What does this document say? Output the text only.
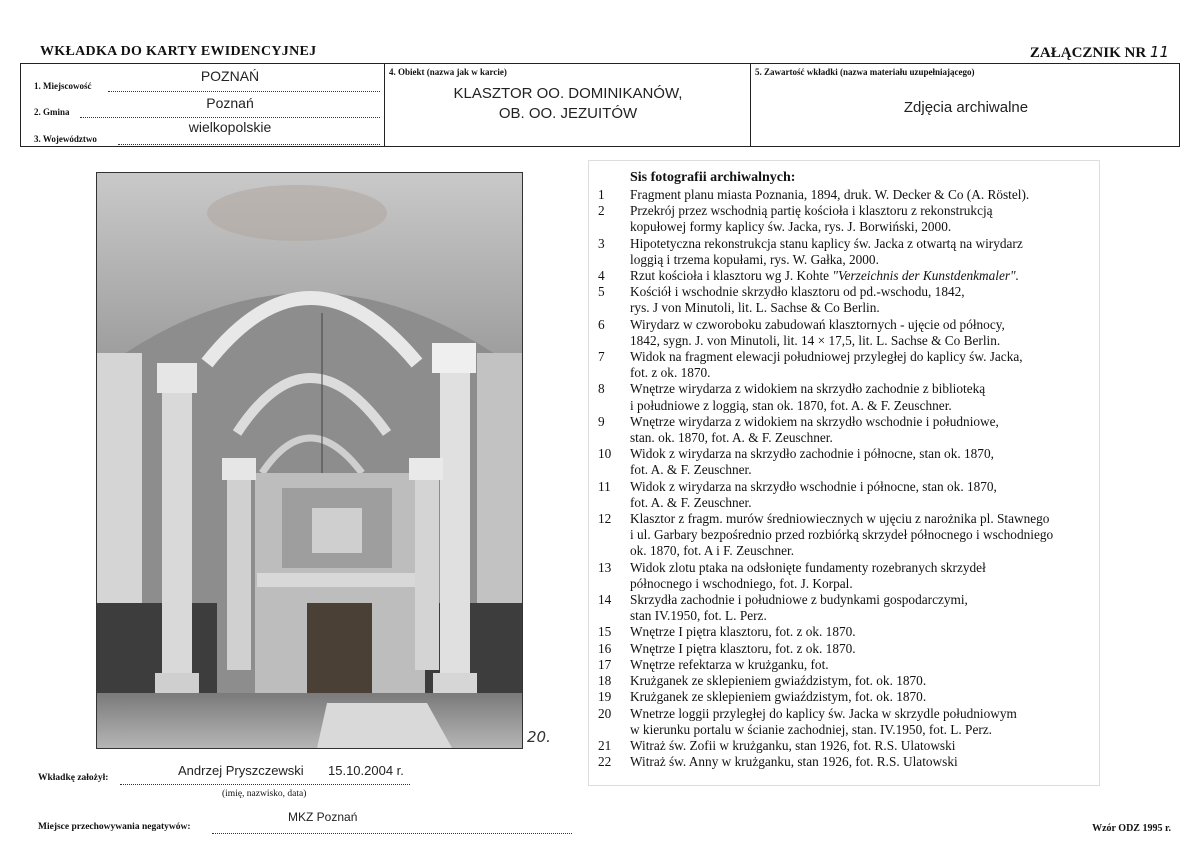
WKŁADKA DO KARTY EWIDENCYJNEJ	ZAŁĄCZNIK NR 11
1. Miejscowość
POZNAŃ
2. Gmina
Poznań
3. Województwo
wielkopolskie
4. Obiekt (nazwa jak w karcie)
KLASZTOR OO. DOMINIKANÓW,
OB. OO. JEZUITÓW
5. Zawartość wkładki (nazwa materiału uzupełniającego)
Zdjęcia archiwalne
20.
Sis fotografii archiwalnych:
1	Fragment planu miasta Poznania, 1894, druk. W. Decker & Co (A. Röstel).
2	Przekrój przez wschodnią partię kościoła i klasztoru z rekonstrukcją
kopułowej formy kaplicy św. Jacka, rys. J. Borwiński, 2000.
3	Hipotetyczna rekonstrukcja stanu kaplicy św. Jacka z otwartą na wirydarz
loggią i trzema kopułami, rys. W. Gałka, 2000.
4	Rzut kościoła i klasztoru wg J. Kohte "Verzeichnis der Kunstdenkmaler".
5	Kościół i wschodnie skrzydło klasztoru od pd.-wschodu, 1842,
rys. J von Minutoli, lit. L. Sachse & Co Berlin.
6	Wirydarz w czworoboku zabudowań klasztornych - ujęcie od północy,
1842, sygn. J. von Minutoli, lit. 14 × 17,5, lit. L. Sachse & Co Berlin.
7	Widok na fragment elewacji południowej przyległej do kaplicy św. Jacka,
fot. z ok. 1870.
8	Wnętrze wirydarza z widokiem na skrzydło zachodnie z biblioteką
i południowe z loggią, stan ok. 1870, fot. A. & F. Zeuschner.
9	Wnętrze wirydarza z widokiem na skrzydło wschodnie i południowe,
stan. ok. 1870, fot. A. & F. Zeuschner.
10	Widok z wirydarza na skrzydło zachodnie i północne, stan ok. 1870,
fot. A. & F. Zeuschner.
11	Widok z wirydarza na skrzydło wschodnie i północne, stan ok. 1870,
fot. A. & F. Zeuschner.
12	Klasztor z fragm. murów średniowiecznych w ujęciu z narożnika pl. Stawnego
i ul. Garbary bezpośrednio przed rozbiórką skrzydeł północnego i wschodniego
ok. 1870, fot. A i F. Zeuschner.
13	Widok zlotu ptaka na odsłonięte fundamenty rozebranych skrzydeł
północnego i wschodniego, fot. J. Korpal.
14	Skrzydła zachodnie i południowe z budynkami gospodarczymi,
stan IV.1950, fot. L. Perz.
15	Wnętrze I piętra klasztoru, fot. z ok. 1870.
16	Wnętrze I piętra klasztoru, fot. z ok. 1870.
17	Wnętrze refektarza w krużganku, fot.
18	Krużganek ze sklepieniem gwiaździstym, fot. ok. 1870.
19	Krużganek ze sklepieniem gwiaździstym, fot. ok. 1870.
20	Wnetrze loggii przyległej do kaplicy św. Jacka w skrzydle południowym
w kierunku portalu w ścianie zachodniej, stan. IV.1950, fot. L. Perz.
21	Witraż św. Zofii w krużganku, stan 1926, fot. R.S. Ulatowski
22	Witraż św. Anny w krużganku, stan 1926, fot. R.S. Ulatowski
Wkładkę założył:	Andrzej Pryszczewski 15.10.2004 r.
(imię, nazwisko, data)
Miejsce przechowywania negatywów:
MKZ Poznań
Wzór ODZ 1995 r.
